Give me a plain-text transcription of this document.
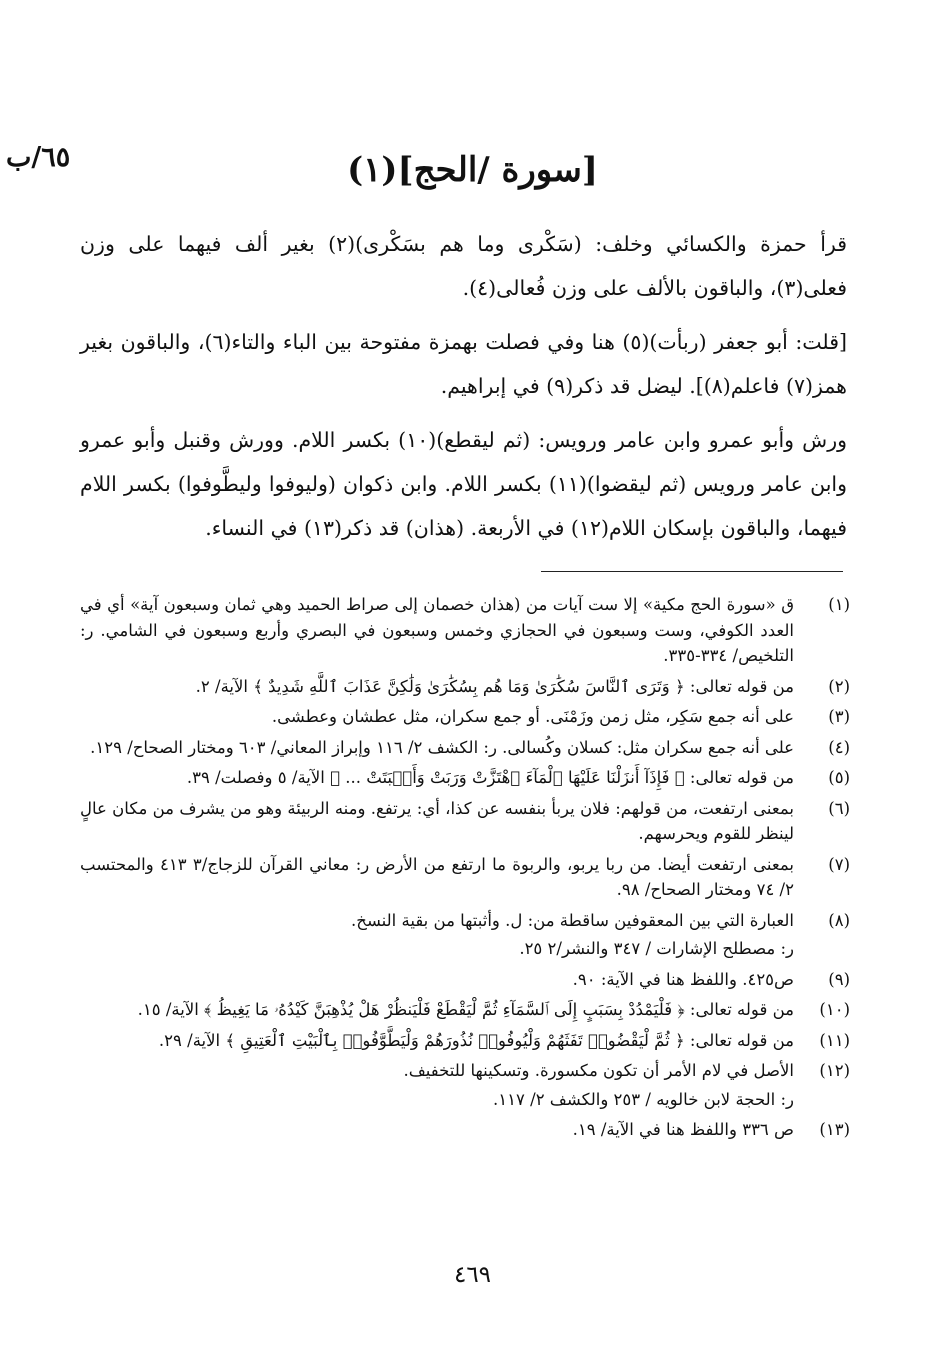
٦٥/ب	[سورة /الحج](١)

قرأ حمزة والكسائي وخلف: (سَكْرى وما هم بسَكْرى)(٢) بغير ألف فيهما على وزن فعلى(٣)، والباقون بالألف على وزن فُعالى(٤).

[قلت: أبو جعفر (ربأت)(٥) هنا وفي فصلت بهمزة مفتوحة بين الباء والتاء(٦)، والباقون بغير همز(٧) فاعلم(٨)]. ليضل قد ذكر(٩) في إبراهيم.

ورش وأبو عمرو وابن عامر ورويس: (ثم ليقطع)(١٠) بكسر اللام. وورش وقنبل وأبو عمرو وابن عامر ورويس (ثم ليقضوا)(١١) بكسر اللام. وابن ذكوان (وليوفوا وليطَّوفوا) بكسر اللام فيهما، والباقون بإسكان اللام(١٢) في الأربعة. (هذان) قد ذكر(١٣) في النساء.

(١)
ق «سورة الحج مكية» إلا ست آيات من (هذان خصمان إلى صراط الحميد وهي ثمان وسبعون آية» أي في العدد الكوفي، وست وسبعون في الحجازي وخمس وسبعون في البصري وأربع وسبعون في الشامي. ر: التلخيص/ ٣٣٤-٣٣٥.
(٢)
من قوله تعالى: ﴿ وَتَرَى ٱلنَّاسَ سُكَٰرَىٰ وَمَا هُم بِسُكَٰرَىٰ وَلَٰكِنَّ عَذَابَ ٱللَّهِ شَدِيدٌ ﴾ الآية/ ٢.
(٣)
على أنه جمع سَكِر، مثل زمن وزَمْنَى. أو جمع سكران، مثل عطشان وعطشى.
(٤)
على أنه جمع سكران مثل: كسلان وكُسالى. ر: الكشف ٢/ ١١٦ وإبراز المعاني/ ٦٠٣ ومختار الصحاح/ ١٢٩.
(٥)
من قوله تعالى: ﴿ فَإِذَآ أَنزَلْنَا عَلَيْهَا ٱلْمَآءَ ٱهْتَزَّتْ وَرَبَتْ وَأَنۢبَتَتْ ... ﴾ الآية/ ٥ وفصلت/ ٣٩.
(٦)
بمعنى ارتفعت، من قولهم: فلان يربأ بنفسه عن كذا، أي: يرتفع. ومنه الربيئة وهو من يشرف من مكان عالٍ لينظر للقوم ويحرسهم.
(٧)
بمعنى ارتفعت أيضا. من ربا يربو، والربوة ما ارتفع من الأرض ر: معاني القرآن للزجاج/٣ ٤١٣ والمحتسب ٢/ ٧٤ ومختار الصحاح/ ٩٨.
(٨)
العبارة التي بين المعقوفين ساقطة من: ل. وأثبتها من بقية النسخ.
ر: مصطلح الإشارات / ٣٤٧ والنشر/٢ ٢٥.
(٩)
ص٤٢٥. واللفظ هنا في الآية: ٩٠.
(١٠)
من قوله تعالى: ﴿ فَلْيَمْدُدْ بِسَبَبٍ إِلَى ٱلسَّمَآءِ ثُمَّ لْيَقْطَعْ فَلْيَنظُرْ هَلْ يُذْهِبَنَّ كَيْدُهُۥ مَا يَغِيظُ ﴾ الآية/ ١٥.
(١١)
من قوله تعالى: ﴿ ثُمَّ لْيَقْضُوا۟ تَفَثَهُمْ وَلْيُوفُوا۟ نُذُورَهُمْ وَلْيَطَّوَّفُوا۟ بِٱلْبَيْتِ ٱلْعَتِيقِ ﴾ الآية/ ٢٩.
(١٢)
الأصل في لام الأمر أن تكون مكسورة. وتسكينها للتخفيف.
ر: الحجة لابن خالويه / ٢٥٣ والكشف ٢/ ١١٧.
(١٣)
ص ٣٣٦ واللفظ هنا في الآية/ ١٩.
٤٦٩
